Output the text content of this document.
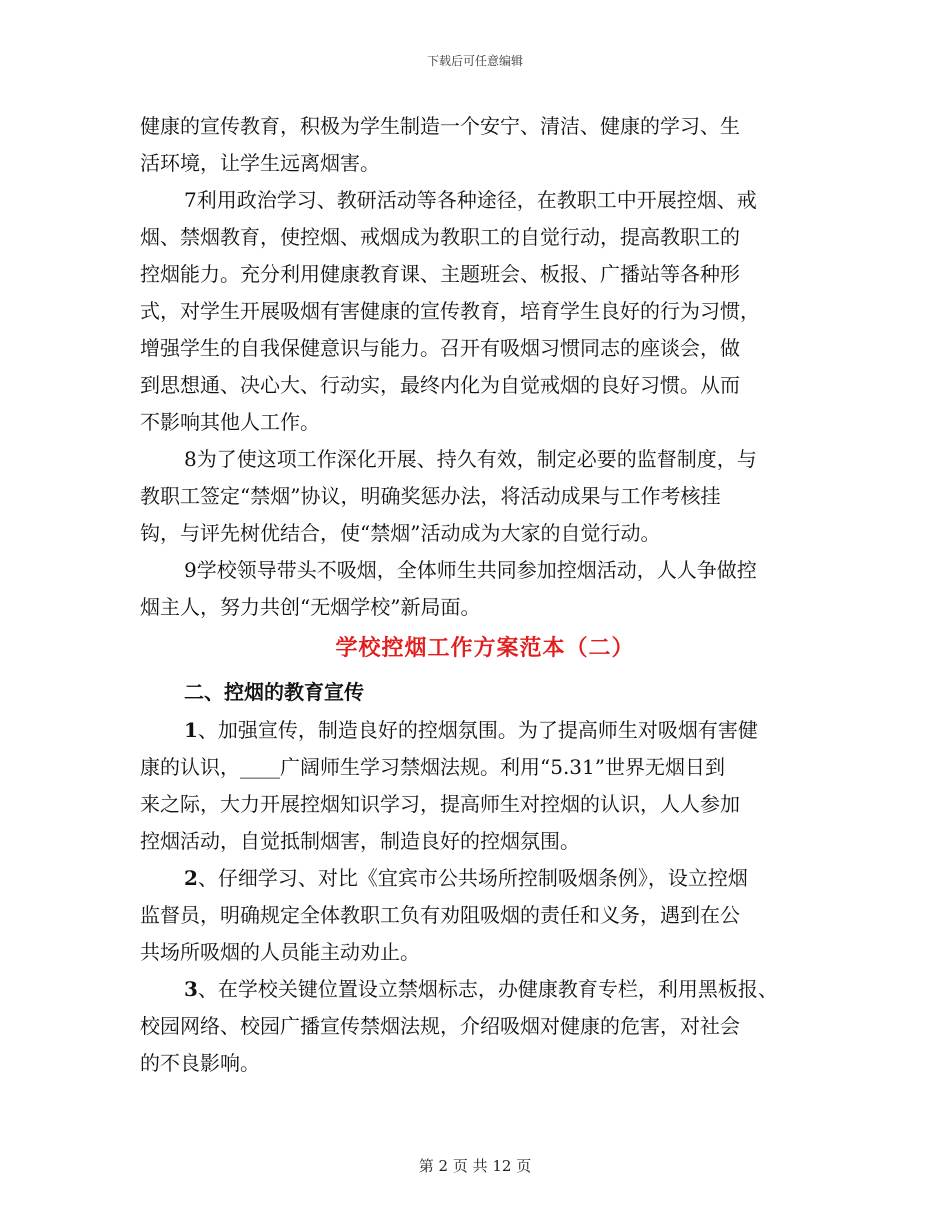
下载后可任意编辑
健康的宣传教育，积极为学生制造一个安宁、清洁、健康的学习、生
活环境，让学生远离烟害。
7利用政治学习、教研活动等各种途径，在教职工中开展控烟、戒
烟、禁烟教育，使控烟、戒烟成为教职工的自觉行动，提高教职工的
控烟能力。充分利用健康教育课、主题班会、板报、广播站等各种形
式，对学生开展吸烟有害健康的宣传教育，培育学生良好的行为习惯，
增强学生的自我保健意识与能力。召开有吸烟习惯同志的座谈会，做
到思想通、决心大、行动实，最终内化为自觉戒烟的良好习惯。从而
不影响其他人工作。
8为了使这项工作深化开展、持久有效，制定必要的监督制度，与
教职工签定“禁烟”协议，明确奖惩办法，将活动成果与工作考核挂
钩，与评先树优结合，使“禁烟”活动成为大家的自觉行动。
9学校领导带头不吸烟，全体师生共同参加控烟活动，人人争做控
烟主人，努力共创“无烟学校”新局面。
学校控烟工作方案范本（二）
二、控烟的教育宣传
1、加强宣传，制造良好的控烟氛围。为了提高师生对吸烟有害健
康的认识，____广阔师生学习禁烟法规。利用“5.31”世界无烟日到
来之际，大力开展控烟知识学习，提高师生对控烟的认识，人人参加
控烟活动，自觉抵制烟害，制造良好的控烟氛围。
2、仔细学习、对比《宜宾市公共场所控制吸烟条例》，设立控烟
监督员，明确规定全体教职工负有劝阻吸烟的责任和义务，遇到在公
共场所吸烟的人员能主动劝止。
3、在学校关键位置设立禁烟标志，办健康教育专栏，利用黑板报、
校园网络、校园广播宣传禁烟法规，介绍吸烟对健康的危害，对社会
的不良影响。
第 2 页 共 12 页
